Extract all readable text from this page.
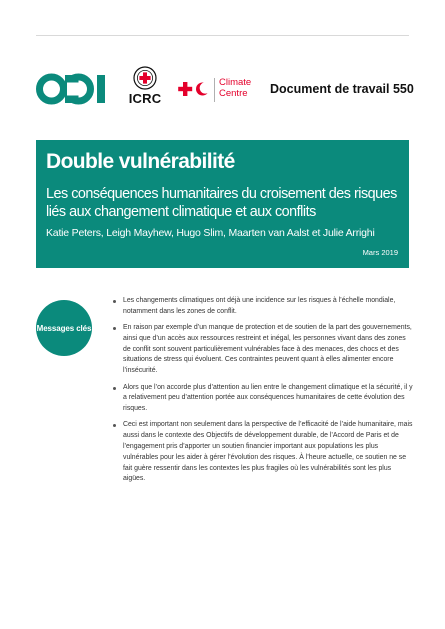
ICRC
Climate
Centre Document de travail 550
Double vulnérabilité
Les conséquences humanitaires du croisement des risques liés aux changement climatique et aux conflits
Katie Peters, Leigh Mayhew, Hugo Slim, Maarten van Aalst et Julie Arrighi
Mars 2019
Messages clés
Les changements climatiques ont déjà une incidence sur les risques à l’échelle mondiale, notamment dans les zones de conflit.
En raison par exemple d’un manque de protection et de soutien de la part des gouvernements, ainsi que d’un accès aux ressources restreint et inégal, les personnes vivant dans des zones de conflit sont souvent particulièrement vulnérables face à des menaces, des chocs et des situations de stress qui évoluent. Ces contraintes peuvent quant à elles alimenter encore l’insécurité.
Alors que l’on accorde plus d’attention au lien entre le changement climatique et la sécurité, il y a relativement peu d’attention portée aux conséquences humanitaires de cette évolution des risques.
Ceci est important non seulement dans la perspective de l’efficacité de l’aide humanitaire, mais aussi dans le contexte des Objectifs de développement durable, de l’Accord de Paris et de l’engagement pris d’apporter un soutien financier important aux populations les plus vulnérables pour les aider à gérer l’évolution des risques. À l’heure actuelle, ce soutien ne se fait guère ressentir dans les contextes les plus fragiles où les vulnérabilités sont les plus aigües.
